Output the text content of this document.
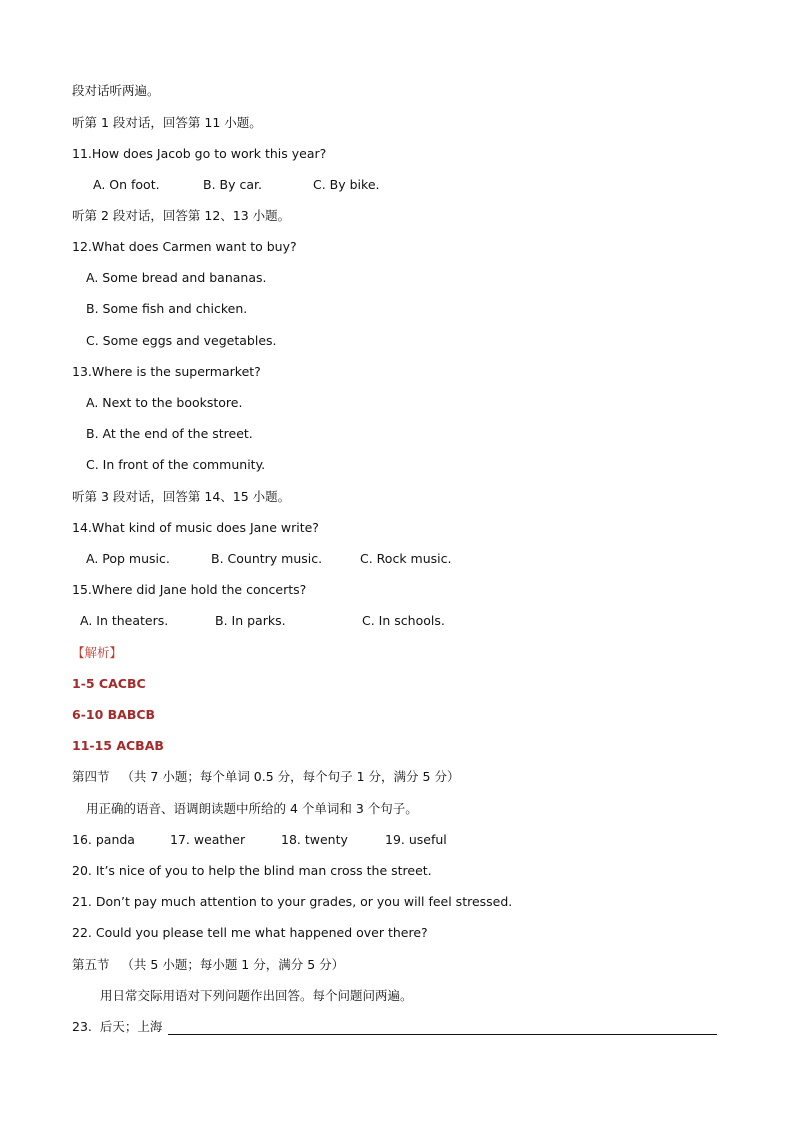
段对话听两遍。
听第 1 段对话，回答第 11 小题。
11.How does Jacob go to work this year?
A. On foot.	B. By car.	C. By bike.
听第 2 段对话，回答第 12、13 小题。
12.What does Carmen want to buy?
A. Some bread and bananas.
B. Some fish and chicken.
C. Some eggs and vegetables.
13.Where is the supermarket?
A. Next to the bookstore.
B. At the end of the street.
C. In front of the community.
听第 3 段对话，回答第 14、15 小题。
14.What kind of music does Jane write?
A. Pop music.	B. Country music.	C. Rock music.
15.Where did Jane hold the concerts?
A. In theaters.	B. In parks.	C. In schools.
【解析】
1-5 CACBC
6-10 BABCB
11-15 ACBAB
第四节   （共 7 小题；每个单词 0.5 分，每个句子 1 分，满分 5 分）
用正确的语音、语调朗读题中所给的 4 个单词和 3 个句子。
16. panda	17. weather	18. twenty	19. useful
20. It’s nice of you to help the blind man cross the street.
21. Don’t pay much attention to your grades, or you will feel stressed.
22. Could you please tell me what happened over there?
第五节   （共 5 小题；每小题 1 分，满分 5 分）
用日常交际用语对下列问题作出回答。每个问题问两遍。
23.  后天；上海
